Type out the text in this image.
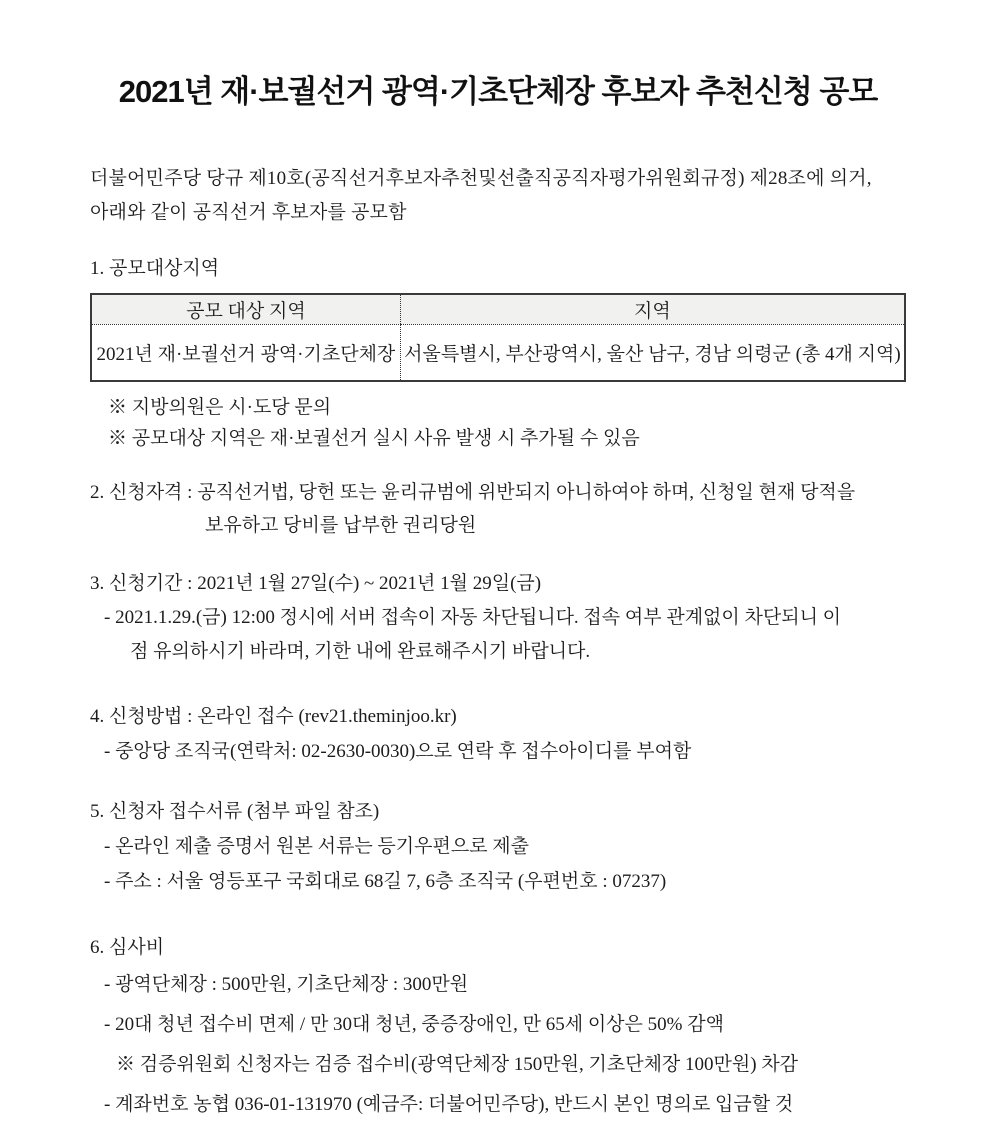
2021년 재·보궐선거 광역·기초단체장 후보자 추천신청 공모
더불어민주당 당규 제10호(공직선거후보자추천및선출직공직자평가위원회규정) 제28조에 의거,
아래와 같이 공직선거 후보자를 공모함
1. 공모대상지역
공모 대상 지역	지역
2021년 재·보궐선거 광역·기초단체장	서울특별시, 부산광역시, 울산 남구, 경남 의령군 (총 4개 지역)
※ 지방의원은 시·도당 문의
※ 공모대상 지역은 재·보궐선거 실시 사유 발생 시 추가될 수 있음
2. 신청자격 : 공직선거법, 당헌 또는 윤리규범에 위반되지 아니하여야 하며, 신청일 현재 당적을
보유하고 당비를 납부한 권리당원
3. 신청기간 : 2021년 1월 27일(수) ~ 2021년 1월 29일(금)
- 2021.1.29.(금) 12:00 정시에 서버 접속이 자동 차단됩니다. 접속 여부 관계없이 차단되니 이
점 유의하시기 바라며, 기한 내에 완료해주시기 바랍니다.
4. 신청방법 : 온라인 접수 (rev21.theminjoo.kr)
- 중앙당 조직국(연락처: 02-2630-0030)으로 연락 후 접수아이디를 부여함
5. 신청자 접수서류 (첨부 파일 참조)
- 온라인 제출 증명서 원본 서류는 등기우편으로 제출
- 주소 : 서울 영등포구 국회대로 68길 7, 6층 조직국 (우편번호 : 07237)
6. 심사비
- 광역단체장 : 500만원, 기초단체장 : 300만원
- 20대 청년 접수비 면제 / 만 30대 청년, 중증장애인, 만 65세 이상은 50% 감액
※ 검증위원회 신청자는 검증 접수비(광역단체장 150만원, 기초단체장 100만원) 차감
- 계좌번호 농협 036-01-131970 (예금주: 더불어민주당), 반드시 본인 명의로 입금할 것
